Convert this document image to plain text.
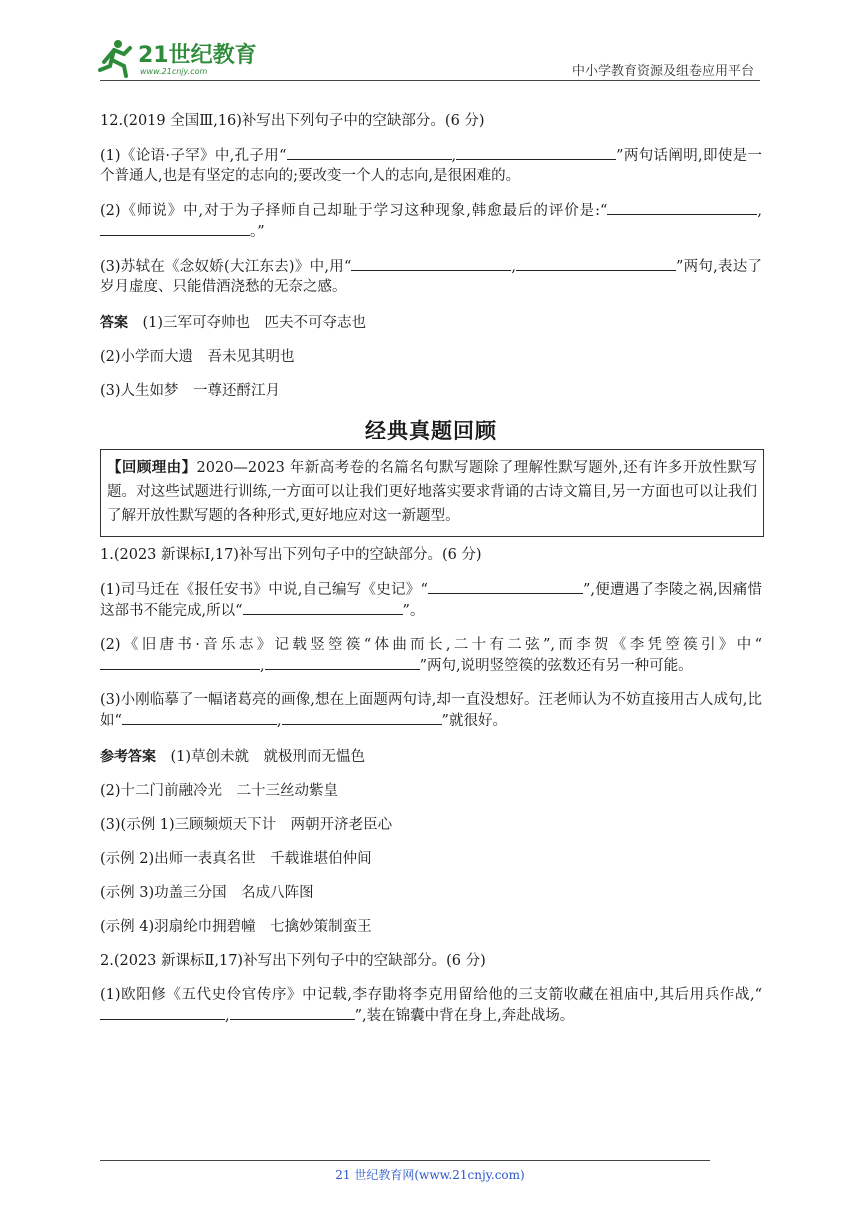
21世纪教育
www.21cnjy.com	中小学教育资源及组卷应用平台

12.(2019 全国Ⅲ,16)补写出下列句子中的空缺部分。(6 分)

(1)《论语·子罕》中,孔子用“	,	”两句话阐明,即使是一个普通人,也是有坚定的志向的;要改变一个人的志向,是很困难的。

(2)《师说》中,对于为子择师自己却耻于学习这种现象,韩愈最后的评价是:“	,。”

(3)苏轼在《念奴娇(大江东去)》中,用“	,	”两句,表达了岁月虚度、只能借酒浇愁的无奈之感。

答案　 (1)三军可夺帅也　匹夫不可夺志也

(2)小学而大遗　吾未见其明也

(3)人生如梦　一尊还酹江月

经典真题回顾

【回顾理由】2020—2023 年新高考卷的名篇名句默写题除了理解性默写题外,还有许多开放性默写题。对这些试题进行训练,一方面可以让我们更好地落实要求背诵的古诗文篇目,另一方面也可以让我们了解开放性默写题的各种形式,更好地应对这一新题型。

1.(2023 新课标Ⅰ,17)补写出下列句子中的空缺部分。(6 分)

(1)司马迁在《报任安书》中说,自己编写《史记》“	”,便遭遇了李陵之祸,因痛惜这部书不能完成,所以“	”。

(2)《旧唐书·音乐志》记载竖箜篌“体曲而长,二十有二弦”,而李贺《李凭箜篌引》中“,	”两句,说明竖箜篌的弦数还有另一种可能。

(3)小刚临摹了一幅诸葛亮的画像,想在上面题两句诗,却一直没想好。汪老师认为不妨直接用古人成句,比如“	,	”就很好。

参考答案　 (1)草创未就　就极刑而无愠色

(2)十二门前融冷光　二十三丝动紫皇

(3)(示例 1)三顾频烦天下计　两朝开济老臣心

(示例 2)出师一表真名世　千载谁堪伯仲间

(示例 3)功盖三分国　名成八阵图

(示例 4)羽扇纶巾拥碧幢　七擒妙策制蛮王

2.(2023 新课标Ⅱ,17)补写出下列句子中的空缺部分。(6 分)

(1)欧阳修《五代史伶官传序》中记载,李存勖将李克用留给他的三支箭收藏在祖庙中,其后用兵作战,“,	”,装在锦囊中背在身上,奔赴战场。

21 世纪教育网(www.21cnjy.com)
